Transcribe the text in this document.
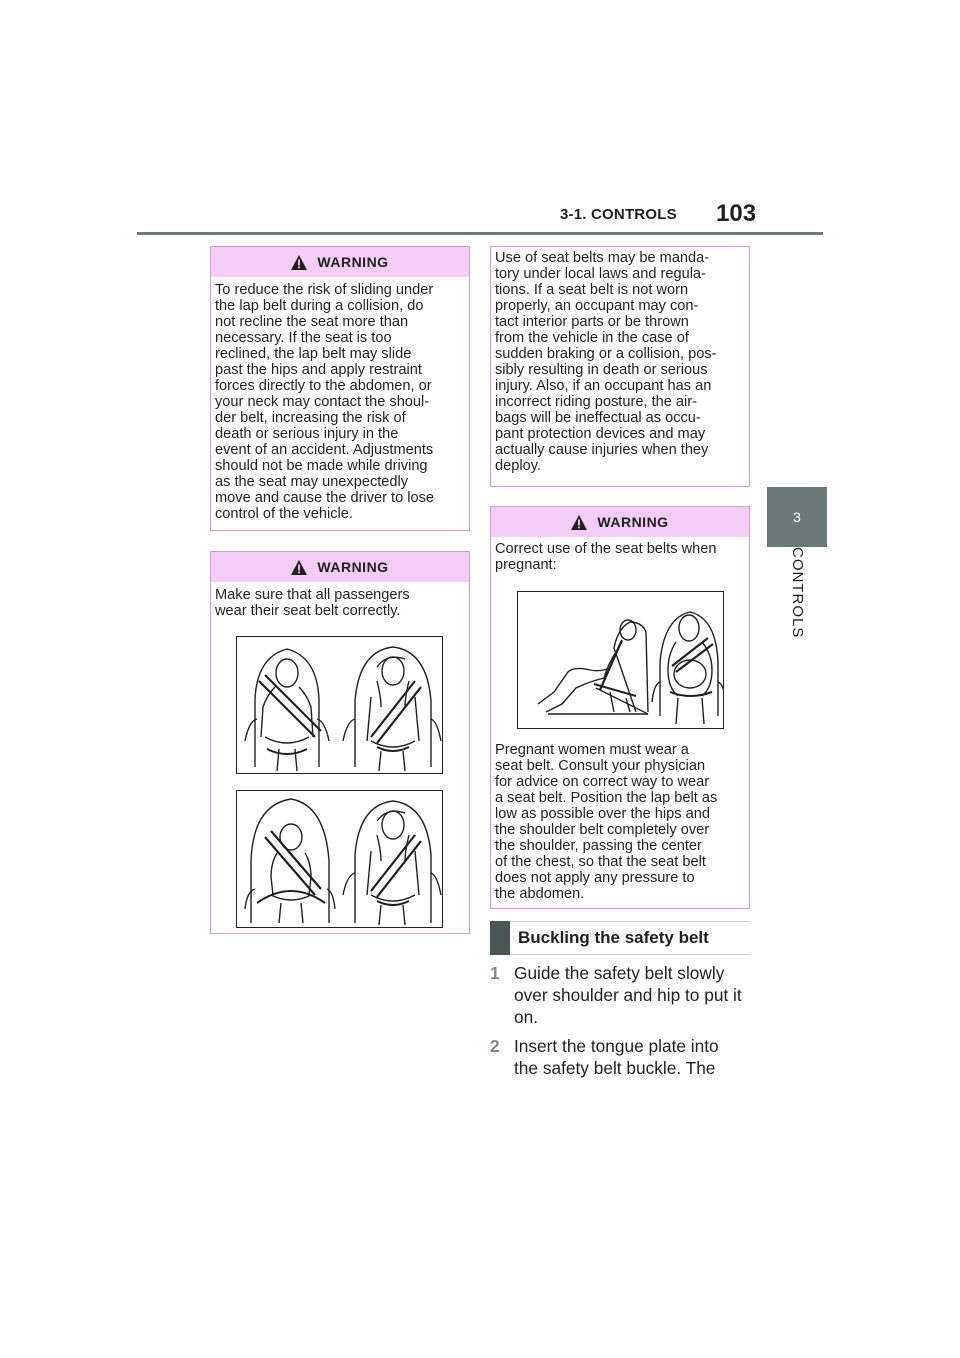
3-1. CONTROLS 103
3
CONTROLS
WARNING
To reduce the risk of sliding under
the lap belt during a collision, do
not recline the seat more than
necessary. If the seat is too
reclined, the lap belt may slide
past the hips and apply restraint
forces directly to the abdomen, or
your neck may contact the shoul-
der belt, increasing the risk of
death or serious injury in the
event of an accident. Adjustments
should not be made while driving
as the seat may unexpectedly
move and cause the driver to lose
control of the vehicle.
WARNING
Make sure that all passengers
wear their seat belt correctly.
Use of seat belts may be manda-
tory under local laws and regula-
tions. If a seat belt is not worn
properly, an occupant may con-
tact interior parts or be thrown
from the vehicle in the case of
sudden braking or a collision, pos-
sibly resulting in death or serious
injury. Also, if an occupant has an
incorrect riding posture, the air-
bags will be ineffectual as occu-
pant protection devices and may
actually cause injuries when they
deploy.
WARNING
Correct use of the seat belts when
pregnant:
Pregnant women must wear a
seat belt. Consult your physician
for advice on correct way to wear
a seat belt. Position the lap belt as
low as possible over the hips and
the shoulder belt completely over
the shoulder, passing the center
of the chest, so that the seat belt
does not apply any pressure to
the abdomen.
Buckling the safety belt
1 Guide the safety belt slowly
over shoulder and hip to put it
on.
2 Insert the tongue plate into
the safety belt buckle. The
